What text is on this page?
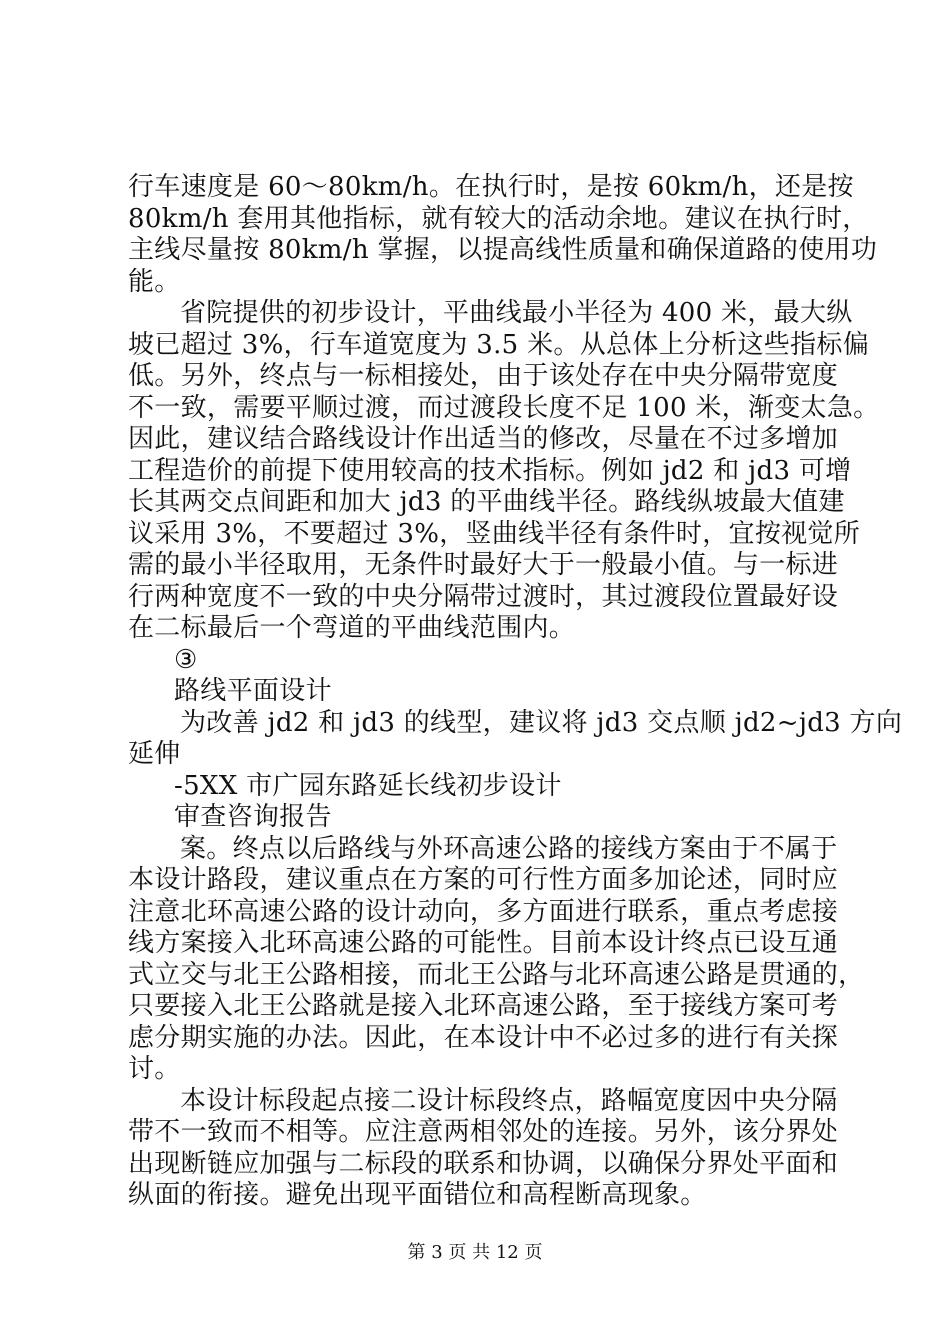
行车速度是 60～80km/h。在执行时，是按 60km/h，还是按
80km/h 套用其他指标，就有较大的活动余地。建议在执行时，
主线尽量按 80km/h 掌握，以提高线性质量和确保道路的使用功
能。
省院提供的初步设计，平曲线最小半径为 400 米，最大纵
坡已超过 3%，行车道宽度为 3.5 米。从总体上分析这些指标偏
低。另外，终点与一标相接处，由于该处存在中央分隔带宽度
不一致，需要平顺过渡，而过渡段长度不足 100 米，渐变太急。
因此，建议结合路线设计作出适当的修改，尽量在不过多增加
工程造价的前提下使用较高的技术指标。例如 jd2 和 jd3 可增
长其两交点间距和加大 jd3 的平曲线半径。路线纵坡最大值建
议采用 3%，不要超过 3%，竖曲线半径有条件时，宜按视觉所
需的最小半径取用，无条件时最好大于一般最小值。与一标进
行两种宽度不一致的中央分隔带过渡时，其过渡段位置最好设
在二标最后一个弯道的平曲线范围内。
③
路线平面设计
为改善 jd2 和 jd3 的线型，建议将 jd3 交点顺 jd2~jd3 方向
延伸
-5XX 市广园东路延长线初步设计
审查咨询报告
案。终点以后路线与外环高速公路的接线方案由于不属于
本设计路段，建议重点在方案的可行性方面多加论述，同时应
注意北环高速公路的设计动向，多方面进行联系，重点考虑接
线方案接入北环高速公路的可能性。目前本设计终点已设互通
式立交与北王公路相接，而北王公路与北环高速公路是贯通的，
只要接入北王公路就是接入北环高速公路，至于接线方案可考
虑分期实施的办法。因此，在本设计中不必过多的进行有关探
讨。
本设计标段起点接二设计标段终点，路幅宽度因中央分隔
带不一致而不相等。应注意两相邻处的连接。另外，该分界处
出现断链应加强与二标段的联系和协调，以确保分界处平面和
纵面的衔接。避免出现平面错位和高程断高现象。
第 3 页 共 12 页
